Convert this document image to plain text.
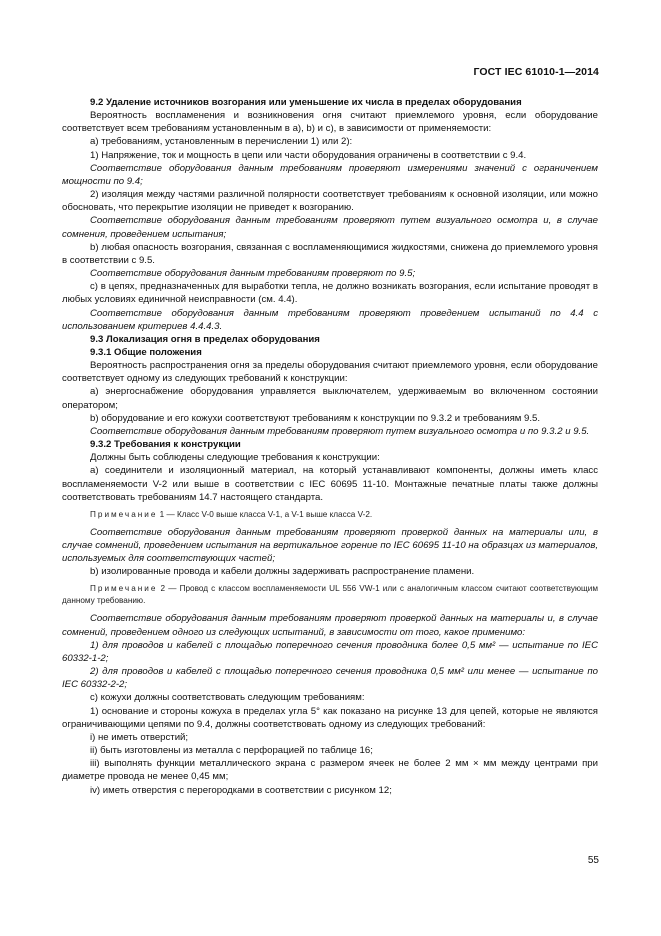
ГОСТ IEC 61010-1—2014

9.2 Удаление источников возгорания или уменьшение их числа в пределах оборудования

Вероятность воспламенения и возникновения огня считают приемлемого уровня, если оборудование соответствует всем требованиям установленным в a), b) и c), в зависимости от применяемости:

a) требованиям, установленным в перечислении 1) или 2):

1) Напряжение, ток и мощность в цепи или части оборудования ограничены в соответствии с 9.4.

Соответствие оборудования данным требованиям проверяют измерениями значений с ограничением мощности по 9.4;

2) изоляция между частями различной полярности соответствует требованиям к основной изоляции, или можно обосновать, что перекрытие изоляции не приведет к возгоранию.

Соответствие оборудования данным требованиям проверяют путем визуального осмотра и, в случае сомнения, проведением испытания;

b) любая опасность возгорания, связанная с воспламеняющимися жидкостями, снижена до приемлемого уровня в соответствии с 9.5.

Соответствие оборудования данным требованиям проверяют по 9.5;

c) в цепях, предназначенных для выработки тепла, не должно возникать возгорания, если испытание проводят в любых условиях единичной неисправности (см. 4.4).

Соответствие оборудования данным требованиям проверяют проведением испытаний по 4.4 с использованием критериев 4.4.4.3.

9.3 Локализация огня в пределах оборудования

9.3.1 Общие положения

Вероятность распространения огня за пределы оборудования считают приемлемого уровня, если оборудование соответствует одному из следующих требований к конструкции:

a) энергоснабжение оборудования управляется выключателем, удерживаемым во включенном состоянии оператором;

b) оборудование и его кожухи соответствуют требованиям к конструкции по 9.3.2 и требованиям 9.5.

Соответствие оборудования данным требованиям проверяют путем визуального осмотра и по 9.3.2 и 9.5.

9.3.2 Требования к конструкции

Должны быть соблюдены следующие требования к конструкции:

a) соединители и изоляционный материал, на который устанавливают компоненты, должны иметь класс воспламеняемости V-2 или выше в соответствии с IEC 60695 11-10. Монтажные печатные платы также должны соответствовать требованиям 14.7 настоящего стандарта.

Примечание 1 — Класс V-0 выше класса V-1, а V-1 выше класса V-2.

Соответствие оборудования данным требованиям проверяют проверкой данных на материалы или, в случае сомнений, проведением испытания на вертикальное горение по IEC 60695 11-10 на образцах из материалов, используемых для соответствующих частей;

b) изолированные провода и кабели должны задерживать распространение пламени.

Примечание 2 — Провод с классом воспламеняемости UL 556 VW-1 или с аналогичным классом считают соответствующим данному требованию.

Соответствие оборудования данным требованиям проверяют проверкой данных на материалы и, в случае сомнений, проведением одного из следующих испытаний, в зависимости от того, какое применимо:

1) для проводов и кабелей с площадью поперечного сечения проводника более 0,5 мм² — испытание по IEC 60332-1-2;

2) для проводов и кабелей с площадью поперечного сечения проводника 0,5 мм² или менее — испытание по IEC 60332-2-2;

c) кожухи должны соответствовать следующим требованиям:

1) основание и стороны кожуха в пределах угла 5° как показано на рисунке 13 для цепей, которые не являются ограничивающими цепями по 9.4, должны соответствовать одному из следующих требований:

i) не иметь отверстий;

ii) быть изготовлены из металла с перфорацией по таблице 16;

iii) выполнять функции металлического экрана с размером ячеек не более 2 мм × мм между центрами при диаметре провода не менее 0,45 мм;

iv) иметь отверстия с перегородками в соответствии с рисунком 12;

55
